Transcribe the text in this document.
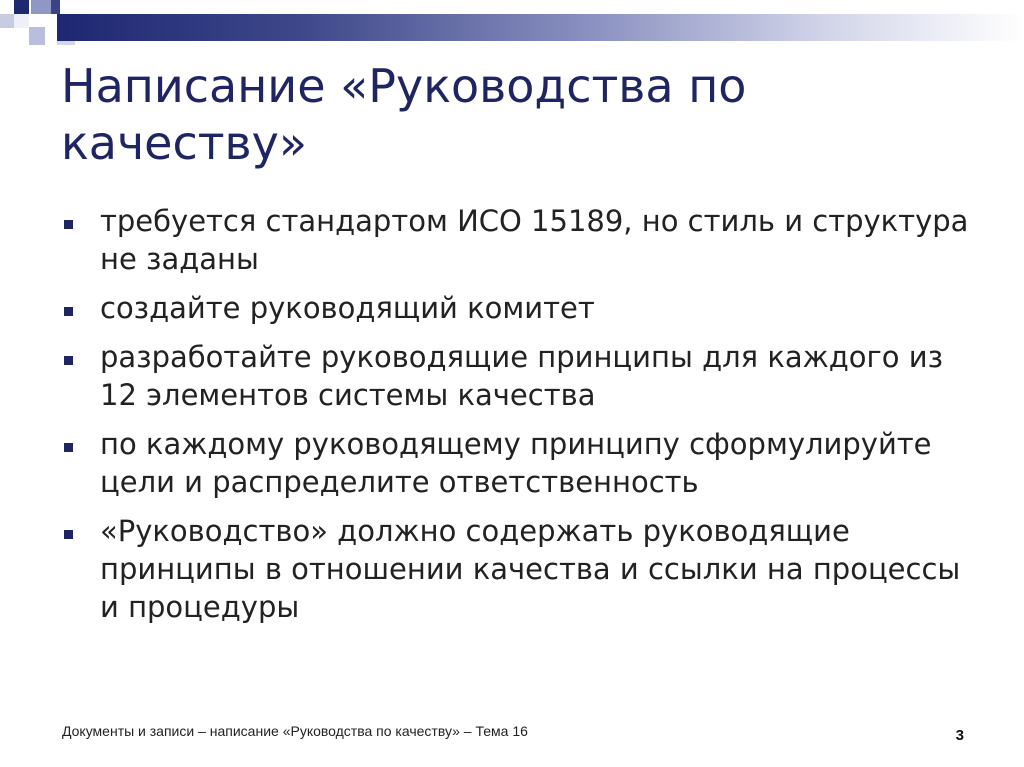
Написание «Руководства по качеству»
требуется стандартом ИСО 15189, но стиль и структура не заданы
создайте руководящий комитет
разработайте руководящие принципы для каждого из 12 элементов системы качества
по каждому руководящему принципу сформулируйте цели и распределите ответственность
«Руководство» должно содержать руководящие принципы в отношении качества и ссылки на процессы и процедуры
Документы и записи – написание «Руководства по качеству» – Тема 16	3
